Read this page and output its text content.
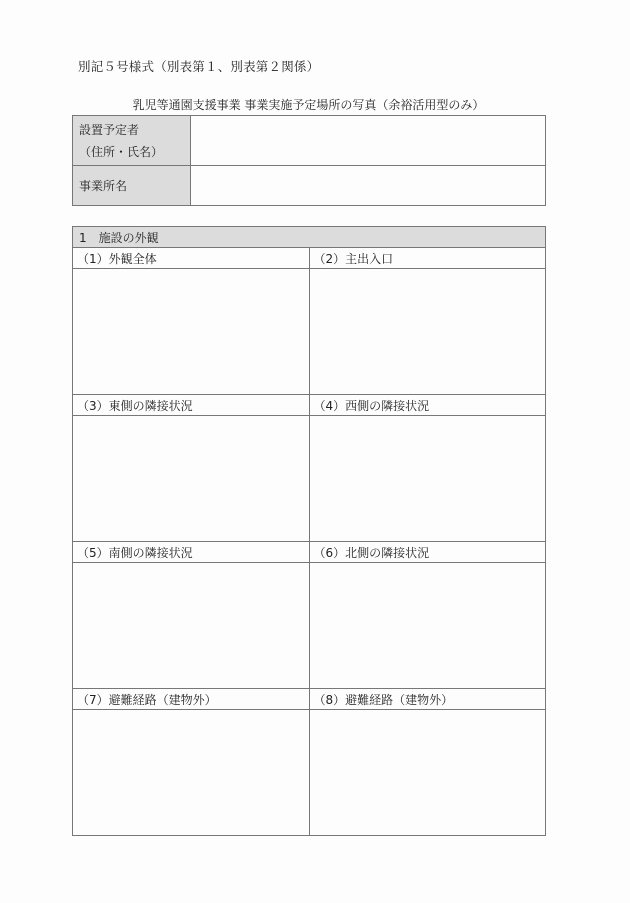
別記５号様式（別表第１、別表第２関係）
乳児等通園支援事業 事業実施予定場所の写真（余裕活用型のみ）
設置予定者
（住所・氏名）	

事業所名	
1　施設の外観	
（1）外観全体	（2）主出入口

（3）東側の隣接状況	（4）西側の隣接状況

（5）南側の隣接状況	（6）北側の隣接状況

（7）避難経路（建物外）	（8）避難経路（建物外）
